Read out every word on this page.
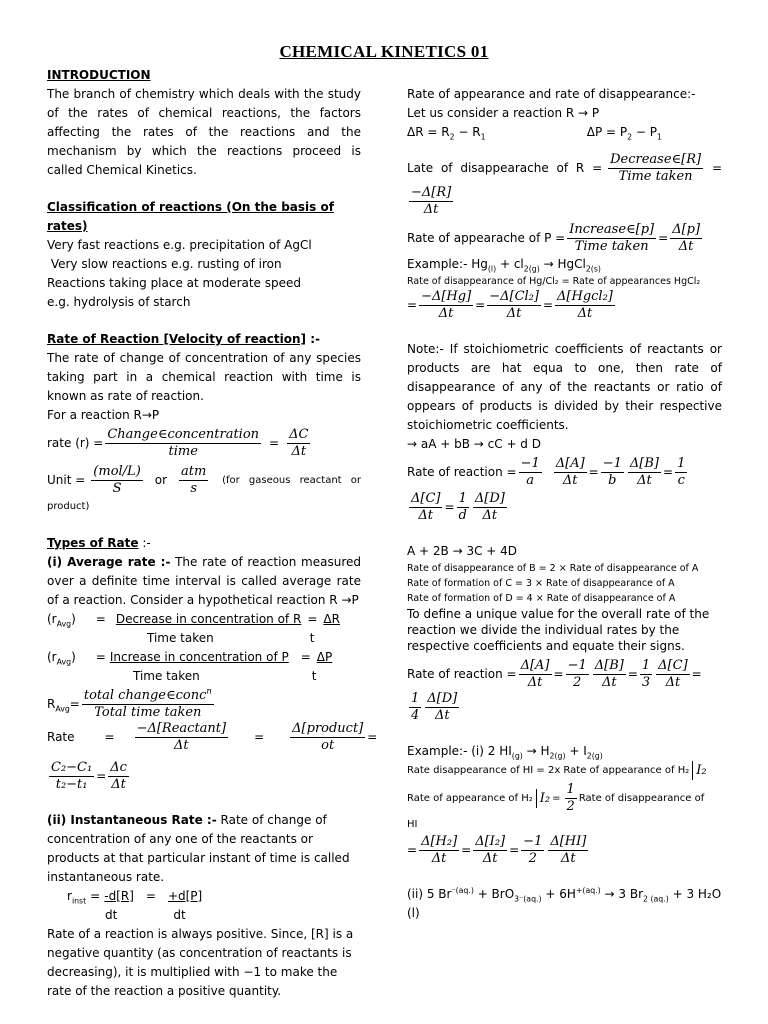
CHEMICAL KINETICS 01
INTRODUCTION
The branch of chemistry which deals with the study of the rates of chemical reactions, the factors affecting the rates of the reactions and the mechanism by which the reactions proceed is called Chemical Kinetics.
Classification of reactions (On the basis of rates)
Very fast reactions e.g. precipitation of AgCl
Very slow reactions e.g. rusting of iron
Reactions taking place at moderate speed
e.g. hydrolysis of starch
Rate of Reaction [Velocity of reaction] :-
The rate of change of concentration of any species taking part in a chemical reaction with time is known as rate of reaction.
For a reaction R→P
rate (r) =
Change∈concentration
time
= $\frac{\Delta C}{\Delta t}$
Unit =
(mol/L)
S
or
atm
s
(for gaseous reactant or
product)
Types of Rate :-
(i) Average rate :- The rate of reaction measured over a definite time interval is called average rate of a reaction. Consider a hypothetical reaction R →P
$(r_{Avg})$ = Decrease in concentration of R = ΔR
Time taken	t
$(r_{Avg})$ = Increase in concentration of P = ΔP
Time taken	t
$R_{Avg}=$
total change∈conc$^n$
Total time taken
Rate	=
−Δ[Reactant]
Δt
=
Δ[product]
ot
=
$\frac{\text{C₂−C₁}}{\text{t₂−t₁}} = \frac{\Delta c}{\Delta t}$
(ii) Instantaneous Rate :- Rate of change of concentration of any one of the reactants or products at that particular instant of time is called instantaneous rate.
$r_{inst} = -d[R] = +d[P]$
dt	dt
Rate of a reaction is always positive. Since, [R] is a negative quantity (as concentration of reactants is decreasing), it is multiplied with −1 to make the rate of the reaction a positive quantity.
Rate of appearance and rate of disappearance:-
Let us consider a reaction R → P
$\Delta R = R_2 - R_1$	$\Delta P = P_2 - P_1$
Late of disappearache of R =
Decrease∈[R]
Time taken
=
−Δ[R]
Δt
Rate of appearache of P =
Increase∈[p]
Time taken
= $\frac{\Delta[p]}{\Delta t}$
Example:- $Hg_{(l)} + cl_{2(g)}$ → HgCl$_{2(s)}$
Rate of disappearance of Hg/Cl₂ = Rate of appearances HgCl₂
= $\frac{-\Delta[Hg]}{\Delta t} = \frac{\text{−Δ[Cl₂]}}{\Delta t}$ =
Δ[Hgcl₂]
Δt
Note:- If stoichiometric coefficients of reactants or products are hat equa to one, then rate of disappearance of any of the reactants or ratio of oppears of products is divided by their respective stoichiometric coefficients.
→ aA + bB → cC + d D
Rate of reaction = $\frac{-1}{a} \frac{\Delta[A]}{\Delta t} = \frac{-1}{b} \frac{\Delta[B]}{\Delta t} = \frac{1}{c}$
$\frac{\Delta[C]}{\Delta t} = \frac{1}{d} \Delta[D]$
Δt
A + 2B → 3C + 4D
Rate of disappearance of B = 2 × Rate of disappearance of A
Rate of formation of C = 3 × Rate of disappearance of A
Rate of formation of D = 4 × Rate of disappearance of A
To define a unique value for the overall rate of the reaction we divide the individual rates by the respective coefficients and equate their signs.
Rate of reaction = $\frac{\Delta[A]}{\Delta t} = \frac{-1}{2} \frac{\Delta[B]}{\Delta t} = \frac{1}{3} \frac{\Delta[C]}{\Delta t}$ =
1
4
Δ[D]
Δt
Example:- (i) 2 $HI_{(g)} \to H_{2(g)} + I_{2(g)}$
Rate disappearance of HI = 2x Rate of appearance of H₂ I₂
Rate of appearance of H₂ $I_2 = \frac{1}{2}$ Rate of disappearance of
HI
= $\frac{\text{Δ[H₂]}}{\Delta t} = \frac{\text{Δ[I₂]}}{\Delta t} = \frac{-1}{2} \Delta[HI]$
Δt
(ii) 5 $Br^{^-(aq.)} + BrO_{3^-(aq.)} + 6H^{+(aq.)} \to 3$ $Br_{2 (aq.)} + 3$ H₂O (l)
